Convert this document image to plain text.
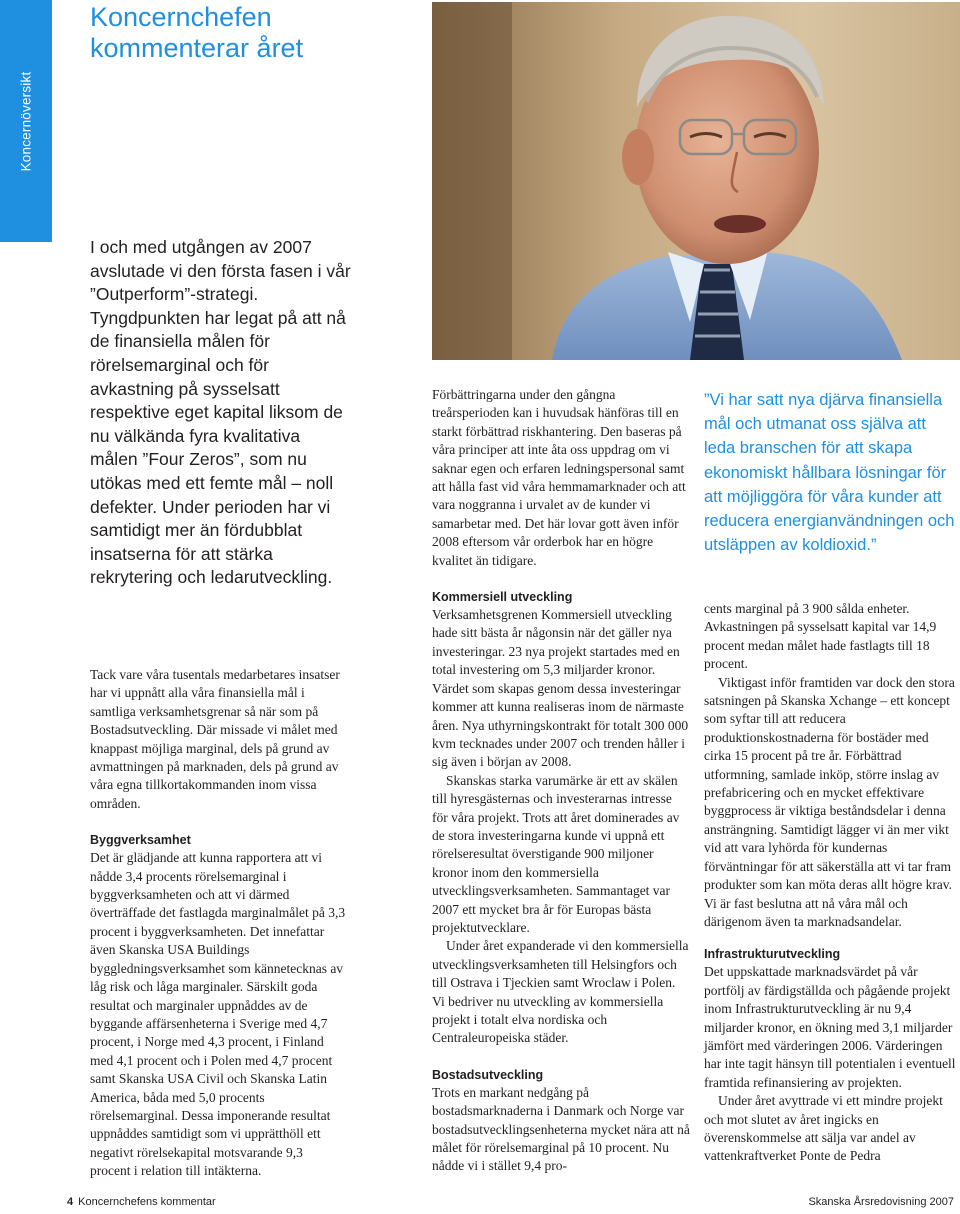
Koncernöversikt
Koncernchefen
kommenterar året

I och med utgången av 2007 avslutade vi den första fasen i vår ”Outperform”-strategi. Tyngdpunkten har legat på att nå de finansiella målen för rörelsemarginal och för avkastning på sysselsatt respektive eget kapital liksom de nu välkända fyra kvalitativa målen ”Four Zeros”, som nu utökas med ett femte mål – noll defekter. Under perioden har vi samtidigt mer än fördubblat insatserna för att stärka rekrytering och ledarutveckling.

Tack vare våra tusentals medarbetares insatser har vi uppnått alla våra finansiella mål i samtliga verksamhetsgrenar så när som på Bostadsutveckling. Där missade vi målet med knappast möjliga marginal, dels på grund av avmattningen på marknaden, dels på grund av våra egna tillkortakommanden inom vissa områden.

Byggverksamhet

Det är glädjande att kunna rapportera att vi nådde 3,4 procents rörelsemarginal i byggverksamheten och att vi därmed överträffade det fastlagda marginalmålet på 3,3 procent i byggverksamheten. Det innefattar även Skanska USA Buildings byggledningsverksamhet som kännetecknas av låg risk och låga marginaler. Särskilt goda resultat och marginaler uppnåddes av de byggande affärsenheterna i Sverige med 4,7 procent, i Norge med 4,3 procent, i Finland med 4,1 procent och i Polen med 4,7 procent samt Skanska USA Civil och Skanska Latin America, båda med 5,0 procents rörelsemarginal. Dessa imponerande resultat uppnåddes samtidigt som vi upprätthöll ett negativt rörelsekapital motsvarande 9,3 procent i relation till intäkterna.

Förbättringarna under den gångna treårsperioden kan i huvudsak hänföras till en starkt förbättrad riskhantering. Den baseras på våra principer att inte åta oss uppdrag om vi saknar egen och erfaren ledningspersonal samt att hålla fast vid våra hemmamarknader och att vara noggranna i urvalet av de kunder vi samarbetar med. Det här lovar gott även inför 2008 eftersom vår orderbok har en högre kvalitet än tidigare.

Kommersiell utveckling

Verksamhetsgrenen Kommersiell utveckling hade sitt bästa år någonsin när det gäller nya investeringar. 23 nya projekt startades med en total investering om 5,3 miljarder kronor. Värdet som skapas genom dessa investeringar kommer att kunna realiseras inom de närmaste åren. Nya uthyrningskontrakt för totalt 300 000 kvm tecknades under 2007 och trenden håller i sig även i början av 2008.

Skanskas starka varumärke är ett av skälen till hyresgästernas och investerarnas intresse för våra projekt. Trots att året dominerades av de stora investeringarna kunde vi uppnå ett rörelseresultat överstigande 900 miljoner kronor inom den kommersiella utvecklingsverksamheten. Sammantaget var 2007 ett mycket bra år för Europas bästa projektutvecklare.

Under året expanderade vi den kommersiella utvecklingsverksamheten till Helsingfors och till Ostrava i Tjeckien samt Wroclaw i Polen. Vi bedriver nu utveckling av kommersiella projekt i totalt elva nordiska och Centraleuropeiska städer.

Bostadsutveckling

Trots en markant nedgång på bostadsmarknaderna i Danmark och Norge var bostadsutvecklingsenheterna mycket nära att nå målet för rörelsemarginal på 10 procent. Nu nådde vi i stället 9,4 pro-

”Vi har satt nya djärva finansiella mål och utmanat oss själva att leda branschen för att skapa ekonomiskt hållbara lösningar för att möjliggöra för våra kunder att reducera energianvändningen och utsläppen av koldioxid.”

cents marginal på 3 900 sålda enheter. Avkastningen på sysselsatt kapital var 14,9 procent medan målet hade fastlagts till 18 procent.

Viktigast inför framtiden var dock den stora satsningen på Skanska Xchange – ett koncept som syftar till att reducera produktionskostnaderna för bostäder med cirka 15 procent på tre år. Förbättrad utformning, samlade inköp, större inslag av prefabricering och en mycket effektivare byggprocess är viktiga beståndsdelar i denna ansträngning. Samtidigt lägger vi än mer vikt vid att vara lyhörda för kundernas förväntningar för att säkerställa att vi tar fram produkter som kan möta deras allt högre krav. Vi är fast beslutna att nå våra mål och därigenom även ta marknadsandelar.

Infrastrukturutveckling

Det uppskattade marknadsvärdet på vår portfölj av färdigställda och pågående projekt inom Infrastrukturutveckling är nu 9,4 miljarder kronor, en ökning med 3,1 miljarder jämfört med värderingen 2006. Värderingen har inte tagit hänsyn till potentialen i eventuell framtida refinansiering av projekten.

Under året avyttrade vi ett mindre projekt och mot slutet av året ingicks en överenskommelse att sälja var andel av vattenkraftverket Ponte de Pedra

4 Koncernchefens kommentar	Skanska Årsredovisning 2007
